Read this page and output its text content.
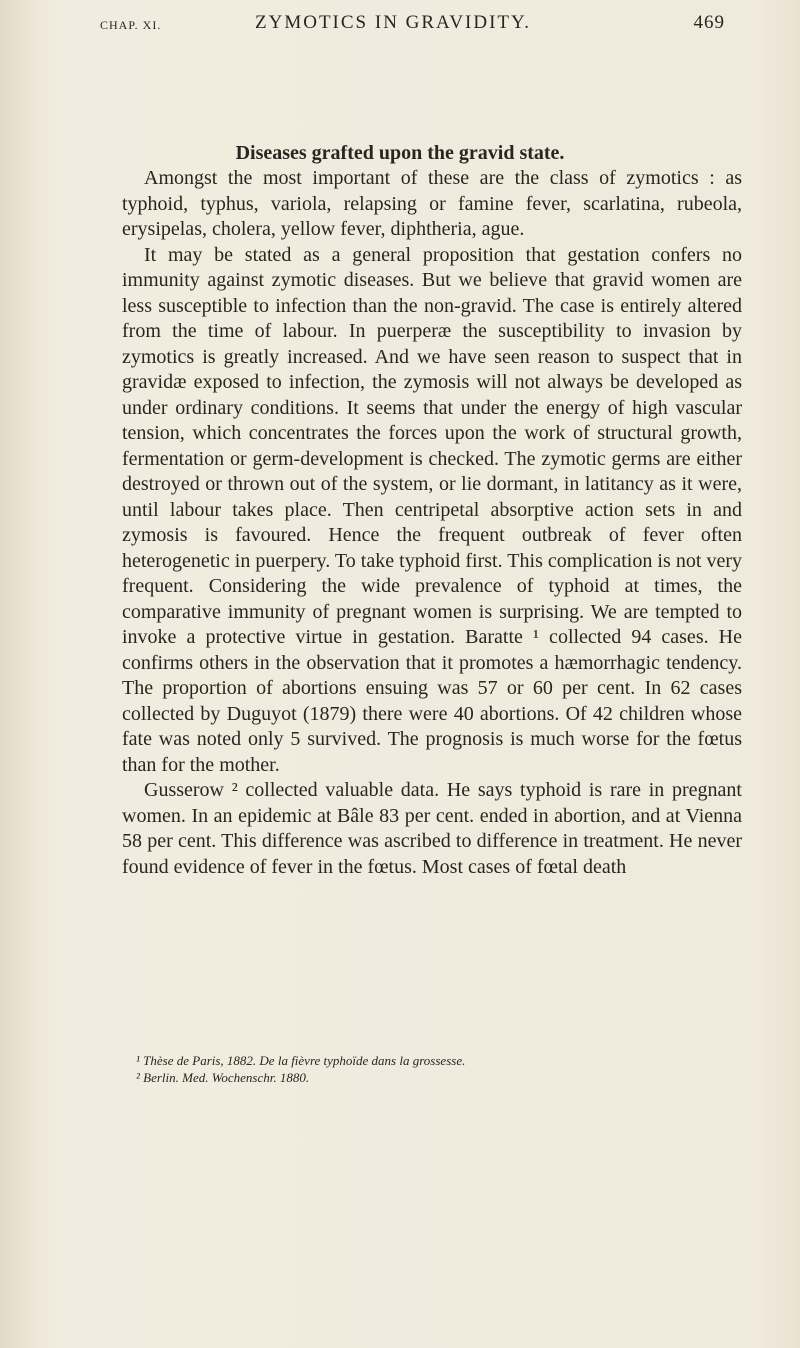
CHAP. XI.	ZYMOTICS IN GRAVIDITY.	469
Diseases grafted upon the gravid state.

Amongst the most important of these are the class of zymotics : as typhoid, typhus, variola, relapsing or famine fever, scarlatina, rubeola, erysipelas, cholera, yellow fever, diphtheria, ague.

It may be stated as a general proposition that gestation confers no immunity against zymotic diseases. But we believe that gravid women are less susceptible to infection than the non-gravid. The case is entirely altered from the time of labour. In puerperæ the susceptibility to invasion by zymotics is greatly increased. And we have seen reason to suspect that in gravidæ exposed to infection, the zymosis will not always be developed as under ordinary conditions. It seems that under the energy of high vascular tension, which concentrates the forces upon the work of structural growth, fermentation or germ-development is checked. The zymotic germs are either destroyed or thrown out of the system, or lie dormant, in latitancy as it were, until labour takes place. Then centripetal absorptive action sets in and zymosis is favoured. Hence the frequent outbreak of fever often heterogenetic in puerpery. To take typhoid first. This complication is not very frequent. Considering the wide prevalence of typhoid at times, the comparative immunity of pregnant women is surprising. We are tempted to invoke a protective virtue in gestation. Baratte ¹ collected 94 cases. He confirms others in the observation that it promotes a hæmorrhagic tendency. The proportion of abortions ensuing was 57 or 60 per cent. In 62 cases collected by Duguyot (1879) there were 40 abortions. Of 42 children whose fate was noted only 5 survived. The prognosis is much worse for the fœtus than for the mother.

Gusserow ² collected valuable data. He says typhoid is rare in pregnant women. In an epidemic at Bâle 83 per cent. ended in abortion, and at Vienna 58 per cent. This difference was ascribed to difference in treatment. He never found evidence of fever in the fœtus. Most cases of fœtal death

¹ Thèse de Paris, 1882. De la fièvre typhoïde dans la grossesse.
² Berlin. Med. Wochenschr. 1880.
